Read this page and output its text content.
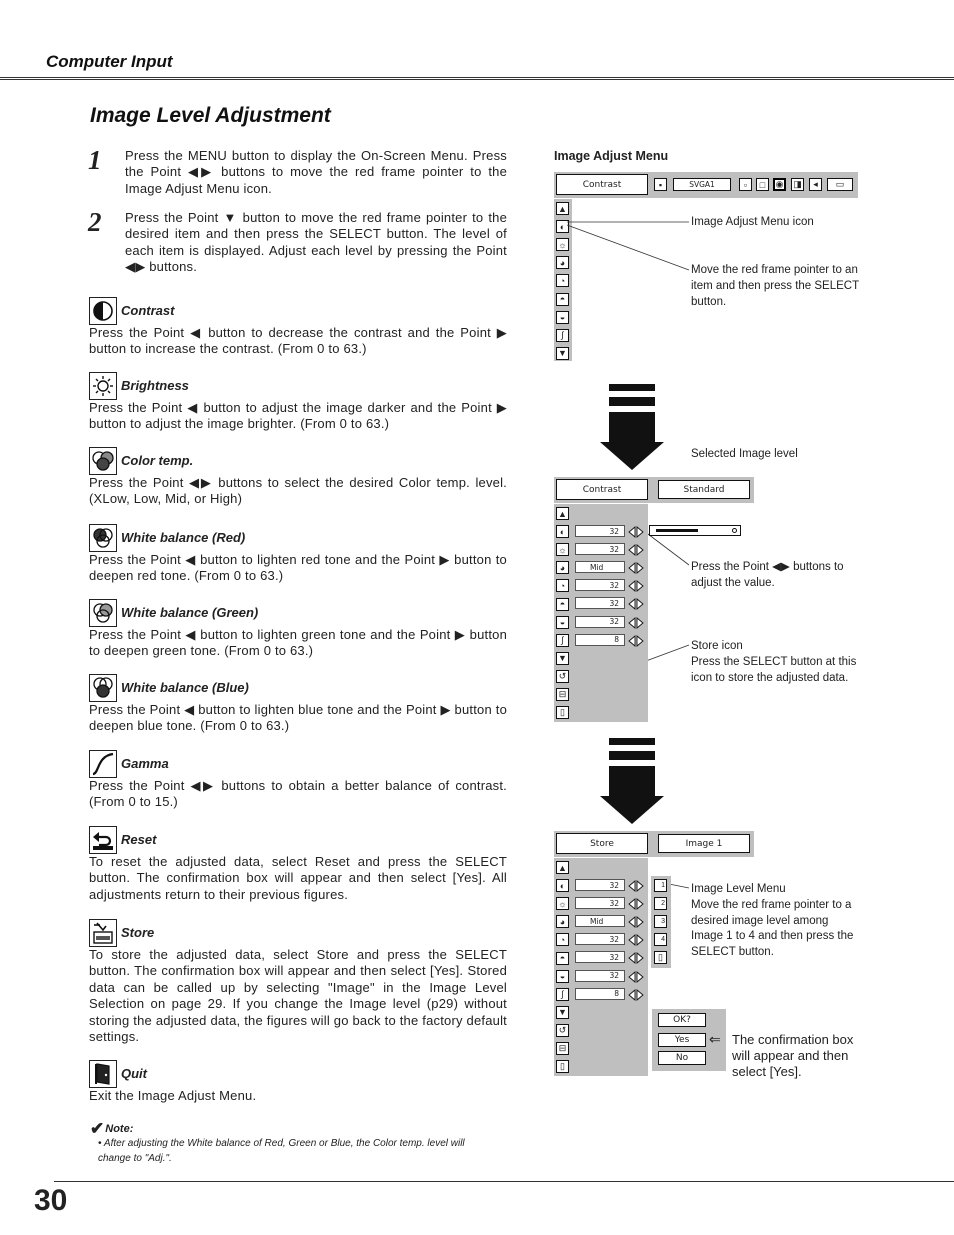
Computer Input
Image Level Adjustment
1 Press the MENU button to display the On-Screen Menu. Press the Point ◀▶ buttons to move the red frame pointer to the Image Adjust Menu icon.
2 Press the Point ▼ button to move the red frame pointer to the desired item and then press the SELECT button. The level of each item is displayed. Adjust each level by pressing the Point ◀▶ buttons.
Contrast
Press the Point ◀ button to decrease the contrast and the Point ▶ button to increase the contrast. (From 0 to 63.)
Brightness
Press the Point ◀ button to adjust the image darker and the Point ▶ button to adjust the image brighter. (From 0 to 63.)
Color temp.
Press the Point ◀▶ buttons to select the desired Color temp. level. (XLow, Low, Mid, or High)
White balance (Red)
Press the Point ◀ button to lighten red tone and the Point ▶ button to deepen red tone. (From 0 to 63.)
White balance (Green)
Press the Point ◀ button to lighten green tone and the Point ▶ button to deepen green tone. (From 0 to 63.)
White balance (Blue)
Press the Point ◀ button to lighten blue tone and the Point ▶ button to deepen blue tone. (From 0 to 63.)
Gamma
Press the Point ◀▶ buttons to obtain a better balance of contrast. (From 0 to 15.)
Reset
To reset the adjusted data, select Reset and press the SELECT button. The confirmation box will appear and then select [Yes]. All adjustments return to their previous figures.
Store
To store the adjusted data, select Store and press the SELECT button. The confirmation box will appear and then select [Yes]. Stored data can be called up by selecting "Image" in the Image Level Selection on page 29. If you change the Image level (p29) without storing the adjusted data, the figures will go back to the factory default settings.
Quit
Exit the Image Adjust Menu.
✔ Note:
• After adjusting the White balance of Red, Green or Blue, the Color temp. level will change to "Adj.".
30
Image Adjust Menu
Contrast	▪	SVGA1	▫	□	◉ ◨	◂	▭
▲
◐
☼
◕
◔
◓
◒
∫
▼
Image Adjust Menu icon
Move the red frame pointer to an item and then press the SELECT button.
Selected Image level
Contrast	Standard
▲
◐
☼
◕
◔
◓
◒
∫
▼
↺
⊟
▯
32
32
Mid
32
32
32
8
Press the Point ◀▶ buttons to adjust the value.
Store icon
Press the SELECT button at this icon to store the adjusted data.
Store	Image 1
▲
◐
☼
◕
◔
◓
◒
∫
▼
↺
⊟
▯
32
32
Mid
32
32
32
8
1
2
3
4
▯
Image Level Menu
Move the red frame pointer to a desired image level among Image 1 to 4 and then press the SELECT button.
OK?
Yes
No
⇐ The confirmation box will appear and then select [Yes].
